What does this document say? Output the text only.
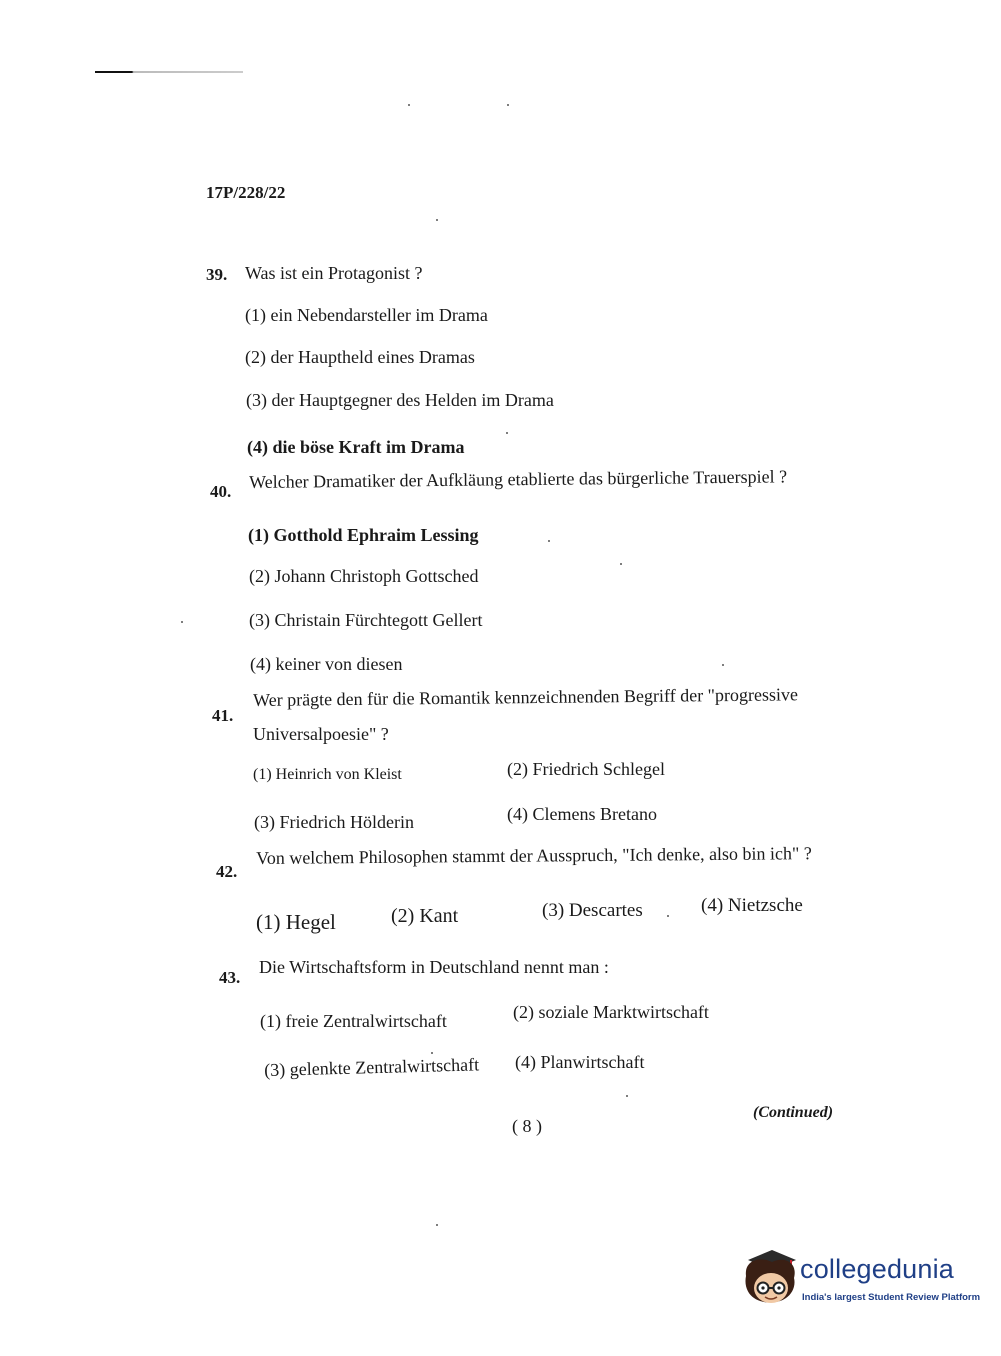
17P/228/22
39. Was ist ein Protagonist ?
(1) ein Nebendarsteller im Drama
(2) der Hauptheld eines Dramas
(3) der Hauptgegner des Helden im Drama
(4) die böse Kraft im Drama
40. Welcher Dramatiker der Aufkläung etablierte das bürgerliche Trauerspiel ?
(1) Gotthold Ephraim Lessing
(2) Johann Christoph Gottsched
(3) Christain Fürchtegott Gellert
(4) keiner von diesen
41.
Wer prägte den für die Romantik kennzeichnenden Begriff der "progressive
Universalpoesie" ?
(1) Heinrich von Kleist	(2) Friedrich Schlegel
(3) Friedrich Hölderin	(4) Clemens Bretano
42.
Von welchem Philosophen stammt der Ausspruch, "Ich denke, also bin ich" ?
(1) Hegel	(2) Kant	(3) Descartes	(4) Nietzsche
43.
Die Wirtschaftsform in Deutschland nennt man :
(1) freie Zentralwirtschaft	(2) soziale Marktwirtschaft
(3) gelenkte Zentralwirtschaft (4) Planwirtschaft
( 8 )
(Continued)
collegedunia
India's largest Student Review Platform
